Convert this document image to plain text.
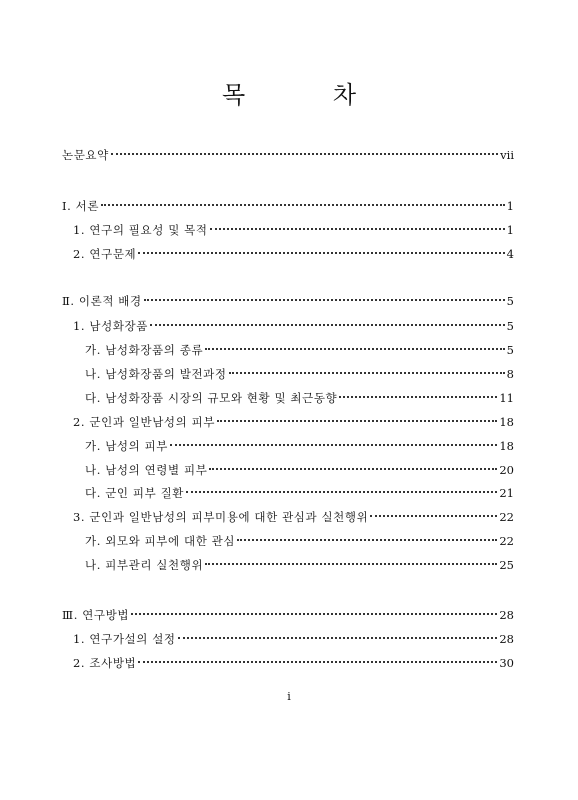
목 차
논문요약	vii
Ⅰ. 서론	1
1. 연구의 필요성 및 목적	1
2. 연구문제	4
Ⅱ. 이론적 배경	5
1. 남성화장품	5
가. 남성화장품의 종류	5
나. 남성화장품의 발전과정	8
다. 남성화장품 시장의 규모와 현황 및 최근동향	11
2. 군인과 일반남성의 피부	18
가. 남성의 피부	18
나. 남성의 연령별 피부	20
다. 군인 피부 질환	21
3. 군인과 일반남성의 피부미용에 대한 관심과 실천행위	22
가. 외모와 피부에 대한 관심	22
나. 피부관리 실천행위	25
Ⅲ. 연구방법	28
1. 연구가설의 설정	28
2. 조사방법	30
i
